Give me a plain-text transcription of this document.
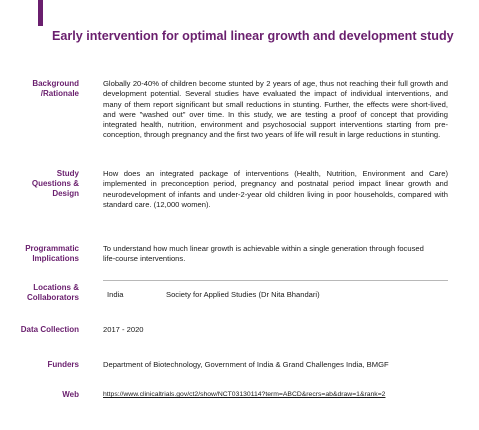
Early intervention for optimal linear growth and development study
Background
/Rationale
Globally 20-40% of children become stunted by 2 years of age, thus not reaching their full growth and development potential. Several studies have evaluated the impact of individual interventions, and many of them report significant but small reductions in stunting. Further, the effects were short-lived, and were "washed out" over time. In this study, we are testing a proof of concept that providing integrated health, nutrition, environment and psychosocial support interventions starting from pre-conception, through pregnancy and the first two years of life will result in large reductions in stunting.
Study
Questions &
Design
How does an integrated package of interventions (Health, Nutrition, Environment and Care) implemented in preconception period, pregnancy and postnatal period impact linear growth and neurodevelopment of infants and under-2-year old children living in poor households, compared with standard care. (12,000 women).
Programmatic
Implications
To understand how much linear growth is achievable within a single generation through focused life-course interventions.
Locations &
Collaborators	India	Society for Applied Studies (Dr Nita Bhandari)
Data Collection	2017 - 2020
Funders	Department of Biotechnology, Government of India & Grand Challenges India, BMGF
Web	https://www.clinicaltrials.gov/ct2/show/NCT03130114?term=ABCD&recrs=ab&draw=1&rank=2
